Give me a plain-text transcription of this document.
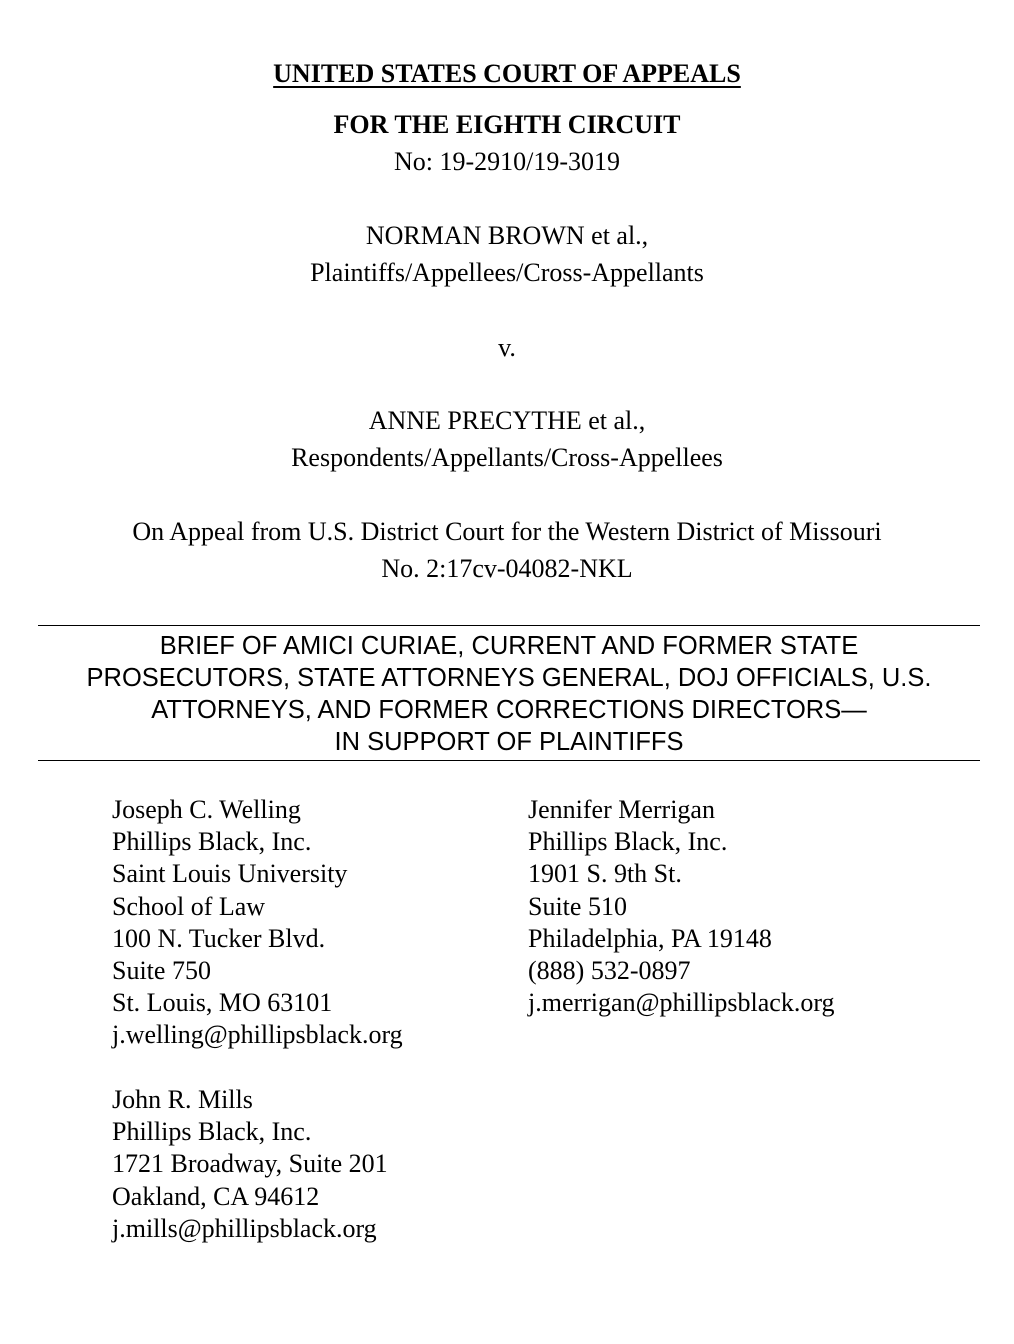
UNITED STATES COURT OF APPEALS
FOR THE EIGHTH CIRCUIT
No: 19-2910/19-3019
NORMAN BROWN et al.,
Plaintiffs/Appellees/Cross-Appellants
v.
ANNE PRECYTHE et al.,
Respondents/Appellants/Cross-Appellees
On Appeal from U.S. District Court for the Western District of Missouri
No. 2:17cv-04082-NKL
BRIEF OF AMICI CURIAE, CURRENT AND FORMER STATE
PROSECUTORS, STATE ATTORNEYS GENERAL, DOJ OFFICIALS, U.S.
ATTORNEYS, AND FORMER CORRECTIONS DIRECTORS—
IN SUPPORT OF PLAINTIFFS
Joseph C. Welling
Phillips Black, Inc.
Saint Louis University
School of Law
100 N. Tucker Blvd.
Suite 750
St. Louis, MO 63101
j.welling@phillipsblack.org
Jennifer Merrigan
Phillips Black, Inc.
1901 S. 9th St.
Suite 510
Philadelphia, PA 19148
(888) 532-0897
j.merrigan@phillipsblack.org
John R. Mills
Phillips Black, Inc.
1721 Broadway, Suite 201
Oakland, CA 94612
j.mills@phillipsblack.org
